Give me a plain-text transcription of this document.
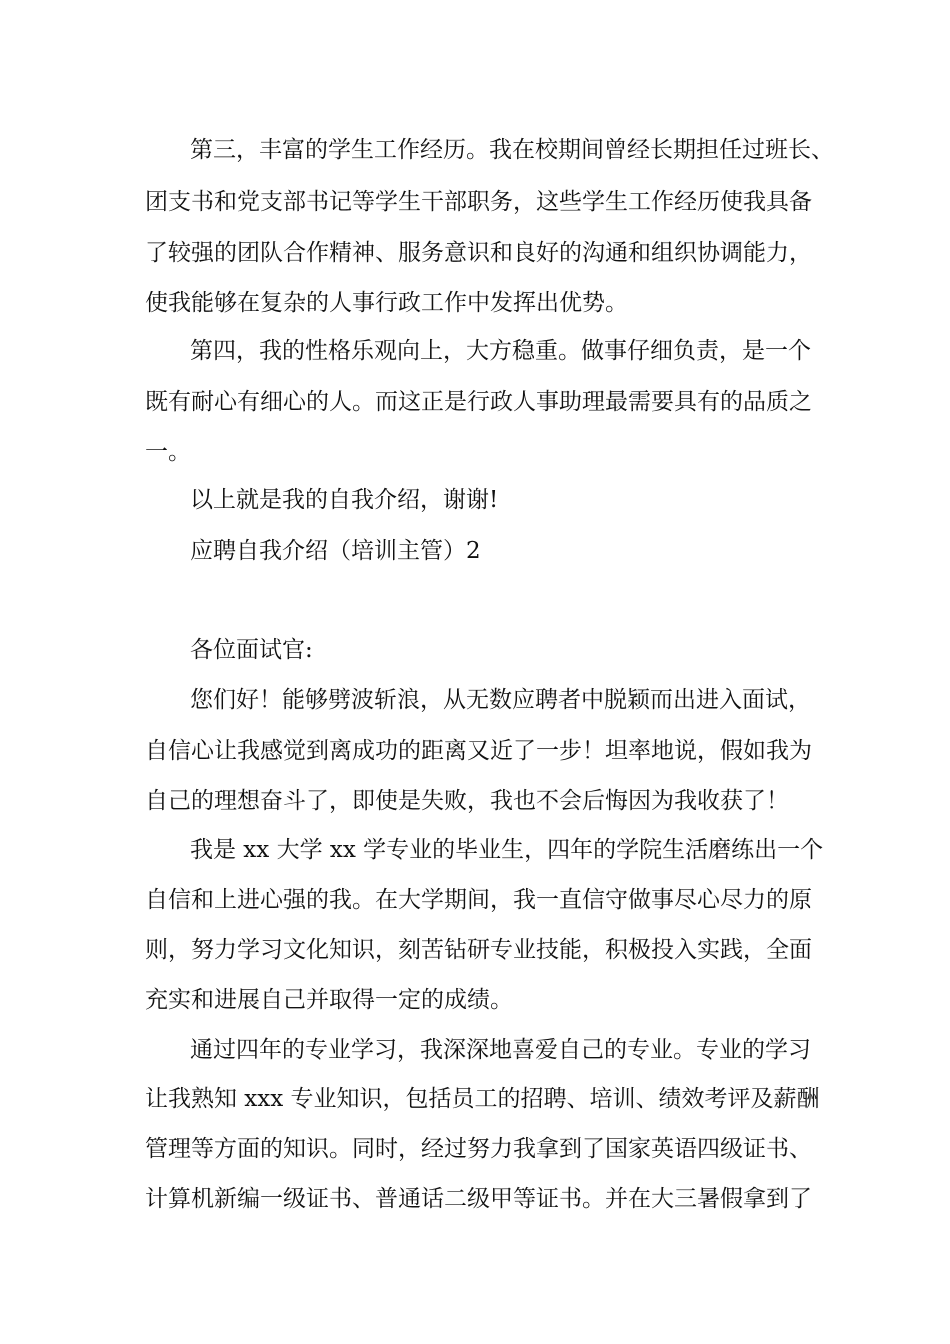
第三，丰富的学生工作经历。我在校期间曾经长期担任过班长、
团支书和党支部书记等学生干部职务，这些学生工作经历使我具备
了较强的团队合作精神、服务意识和良好的沟通和组织协调能力，
使我能够在复杂的人事行政工作中发挥出优势。
第四，我的性格乐观向上，大方稳重。做事仔细负责，是一个
既有耐心有细心的人。而这正是行政人事助理最需要具有的品质之
一。
以上就是我的自我介绍，谢谢!
应聘自我介绍（培训主管）2
各位面试官:
您们好！能够劈波斩浪，从无数应聘者中脱颖而出进入面试，
自信心让我感觉到离成功的距离又近了一步！坦率地说，假如我为
自己的理想奋斗了，即使是失败，我也不会后悔因为我收获了！
我是 xx 大学 xx 学专业的毕业生，四年的学院生活磨练出一个
自信和上进心强的我。在大学期间，我一直信守做事尽心尽力的原
则，努力学习文化知识，刻苦钻研专业技能，积极投入实践，全面
充实和进展自己并取得一定的成绩。
通过四年的专业学习，我深深地喜爱自己的专业。专业的学习
让我熟知 xxx 专业知识，包括员工的招聘、培训、绩效考评及薪酬
管理等方面的知识。同时，经过努力我拿到了国家英语四级证书、
计算机新编一级证书、普通话二级甲等证书。并在大三暑假拿到了
